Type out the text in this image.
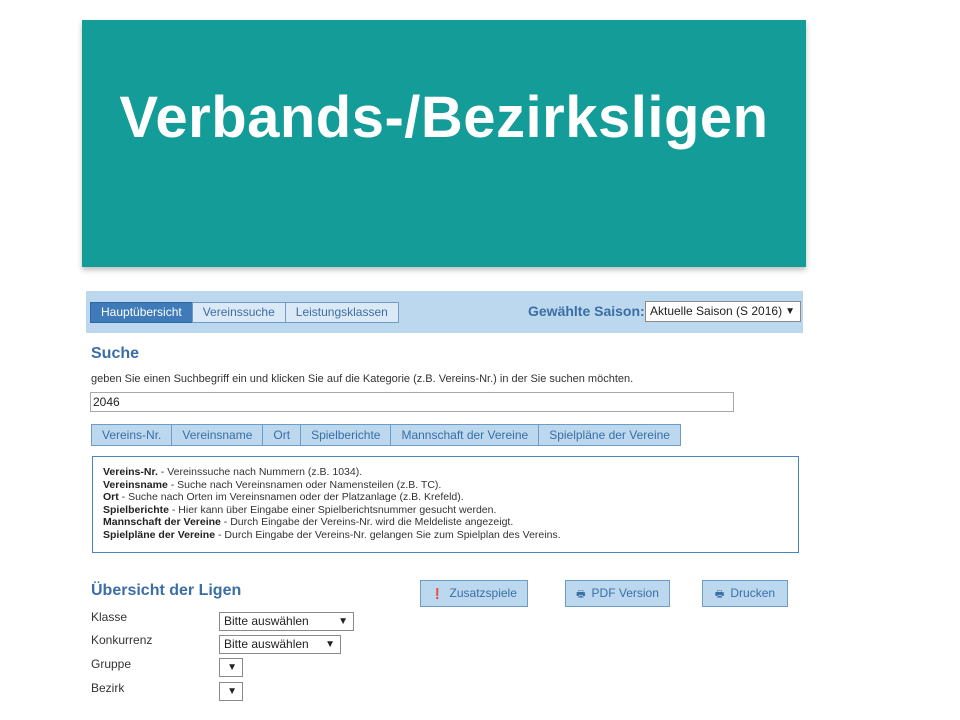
Verbands-/Bezirksligen
Hauptübersicht	Vereinssuche	Leistungsklassen	Gewählte Saison: Aktuelle Saison (S 2016) ▼
Suche
geben Sie einen Suchbegriff ein und klicken Sie auf die Kategorie (z.B. Vereins-Nr.) in der Sie suchen möchten.
2046
Vereins-Nr.	Vereinsname	Ort	Spielberichte	Mannschaft der Vereine	Spielpläne der Vereine
Vereins-Nr. - Vereinssuche nach Nummern (z.B. 1034).
Vereinsname - Suche nach Vereinsnamen oder Namensteilen (z.B. TC).
Ort - Suche nach Orten im Vereinsnamen oder der Platzanlage (z.B. Krefeld).
Spielberichte - Hier kann über Eingabe einer Spielberichtsnummer gesucht werden.
Mannschaft der Vereine - Durch Eingabe der Vereins-Nr. wird die Meldeliste angezeigt.
Spielpläne der Vereine - Durch Eingabe der Vereins-Nr. gelangen Sie zum Spielplan des Vereins.
Übersicht der Ligen	❗ Zusatzspiele	🖶 PDF Version	🖶 Drucken
Klasse	Bitte auswählen	▼
Konkurrenz	Bitte auswählen ▼
Gruppe	▼
Bezirk	▼
